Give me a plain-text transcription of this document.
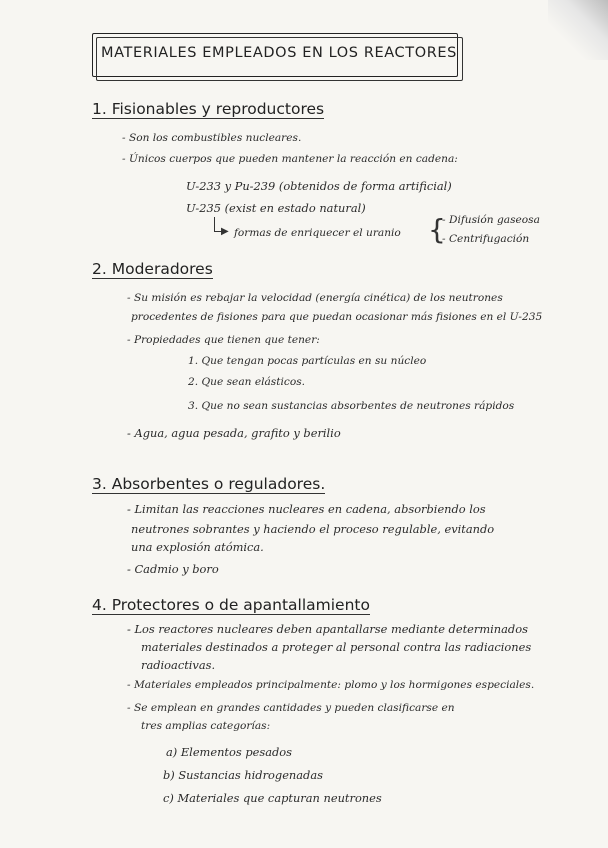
MATERIALES EMPLEADOS EN LOS REACTORES
1. Fisionables y reproductores
- Son los combustibles nucleares.
- Únicos cuerpos que pueden mantener la reacción en cadena:
U-233 y Pu-239 (obtenidos de forma artificial)
U-235 (exist en estado natural)
▶ formas de enriquecer el uranio {
- Difusión gaseosa
- Centrifugación
2. Moderadores
- Su misión es rebajar la velocidad (energía cinética) de los neutrones
procedentes de fisiones para que puedan ocasionar más fisiones en el U-235
- Propiedades que tienen que tener:
1. Que tengan pocas partículas en su núcleo
2. Que sean elásticos.
3. Que no sean sustancias absorbentes de neutrones rápidos
- Agua, agua pesada, grafito y berilio
3. Absorbentes o reguladores.
- Limitan las reacciones nucleares en cadena, absorbiendo los
neutrones sobrantes y haciendo el proceso regulable, evitando
una explosión atómica.
- Cadmio y boro
4. Protectores o de apantallamiento
- Los reactores nucleares deben apantallarse mediante determinados
materiales destinados a proteger al personal contra las radiaciones
radioactivas.
- Materiales empleados principalmente: plomo y los hormigones especiales.
- Se emplean en grandes cantidades y pueden clasificarse en
tres amplias categorías:
a) Elementos pesados
b) Sustancias hidrogenadas
c) Materiales que capturan neutrones
